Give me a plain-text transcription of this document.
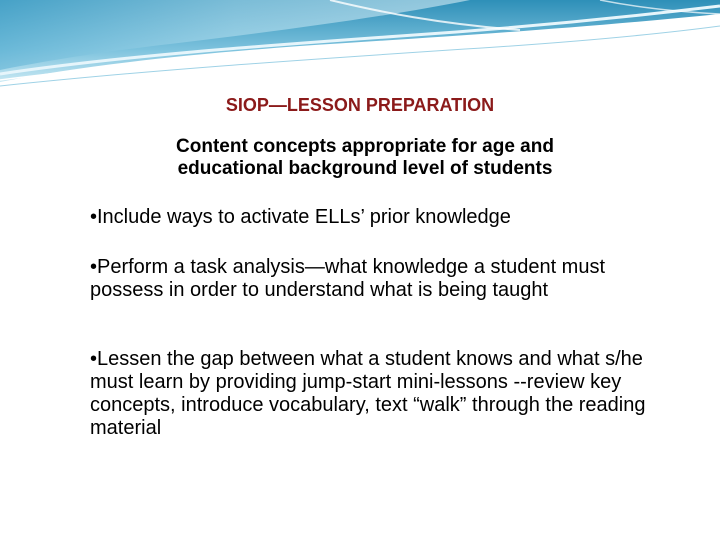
SIOP—LESSON PREPARATION

Content concepts appropriate for age and
educational background level of students

•Include ways to activate ELLs’ prior knowledge
•Perform a task analysis—what knowledge a student must possess in order to understand what is being taught
•Lessen the gap between what a student knows and what s/he must learn by providing jump-start mini-lessons --review key concepts, introduce vocabulary, text “walk” through the reading material
